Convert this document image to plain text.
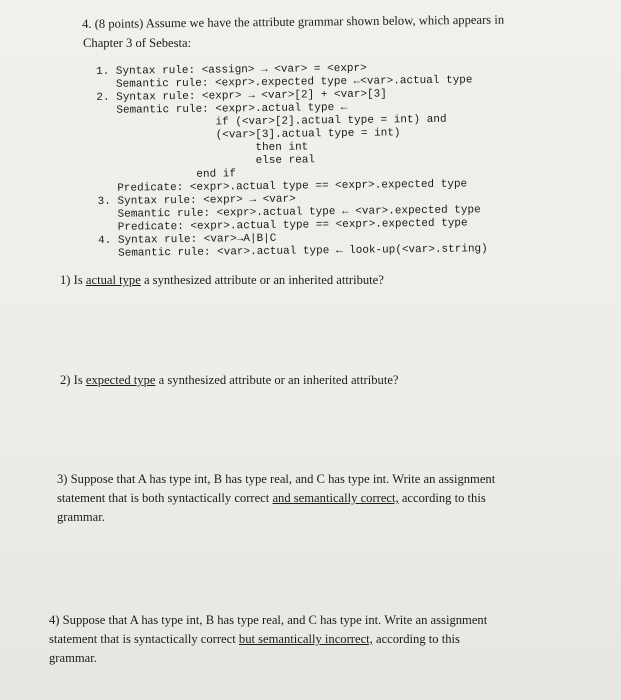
4. (8 points) Assume we have the attribute grammar shown below, which appears in
Chapter 3 of Sebesta:
1. Syntax rule: <assign> → <var> = <expr>
Semantic rule: <expr>.expected type ←<var>.actual type
2. Syntax rule: <expr> → <var>[2] + <var>[3]
Semantic rule: <expr>.actual type ←
if (<var>[2].actual type = int) and
(<var>[3].actual type = int)
then int
else real
end if
Predicate: <expr>.actual type == <expr>.expected type
3. Syntax rule: <expr> → <var>
Semantic rule: <expr>.actual type ← <var>.expected type
Predicate: <expr>.actual type == <expr>.expected type
4. Syntax rule: <var>→A|B|C
Semantic rule: <var>.actual type ← look-up(<var>.string)
1) Is actual type a synthesized attribute or an inherited attribute?
2) Is expected type a synthesized attribute or an inherited attribute?
3) Suppose that A has type int, B has type real, and C has type int. Write an assignment
statement that is both syntactically correct and semantically correct, according to this
grammar.
4) Suppose that A has type int, B has type real, and C has type int. Write an assignment
statement that is syntactically correct but semantically incorrect, according to this
grammar.
